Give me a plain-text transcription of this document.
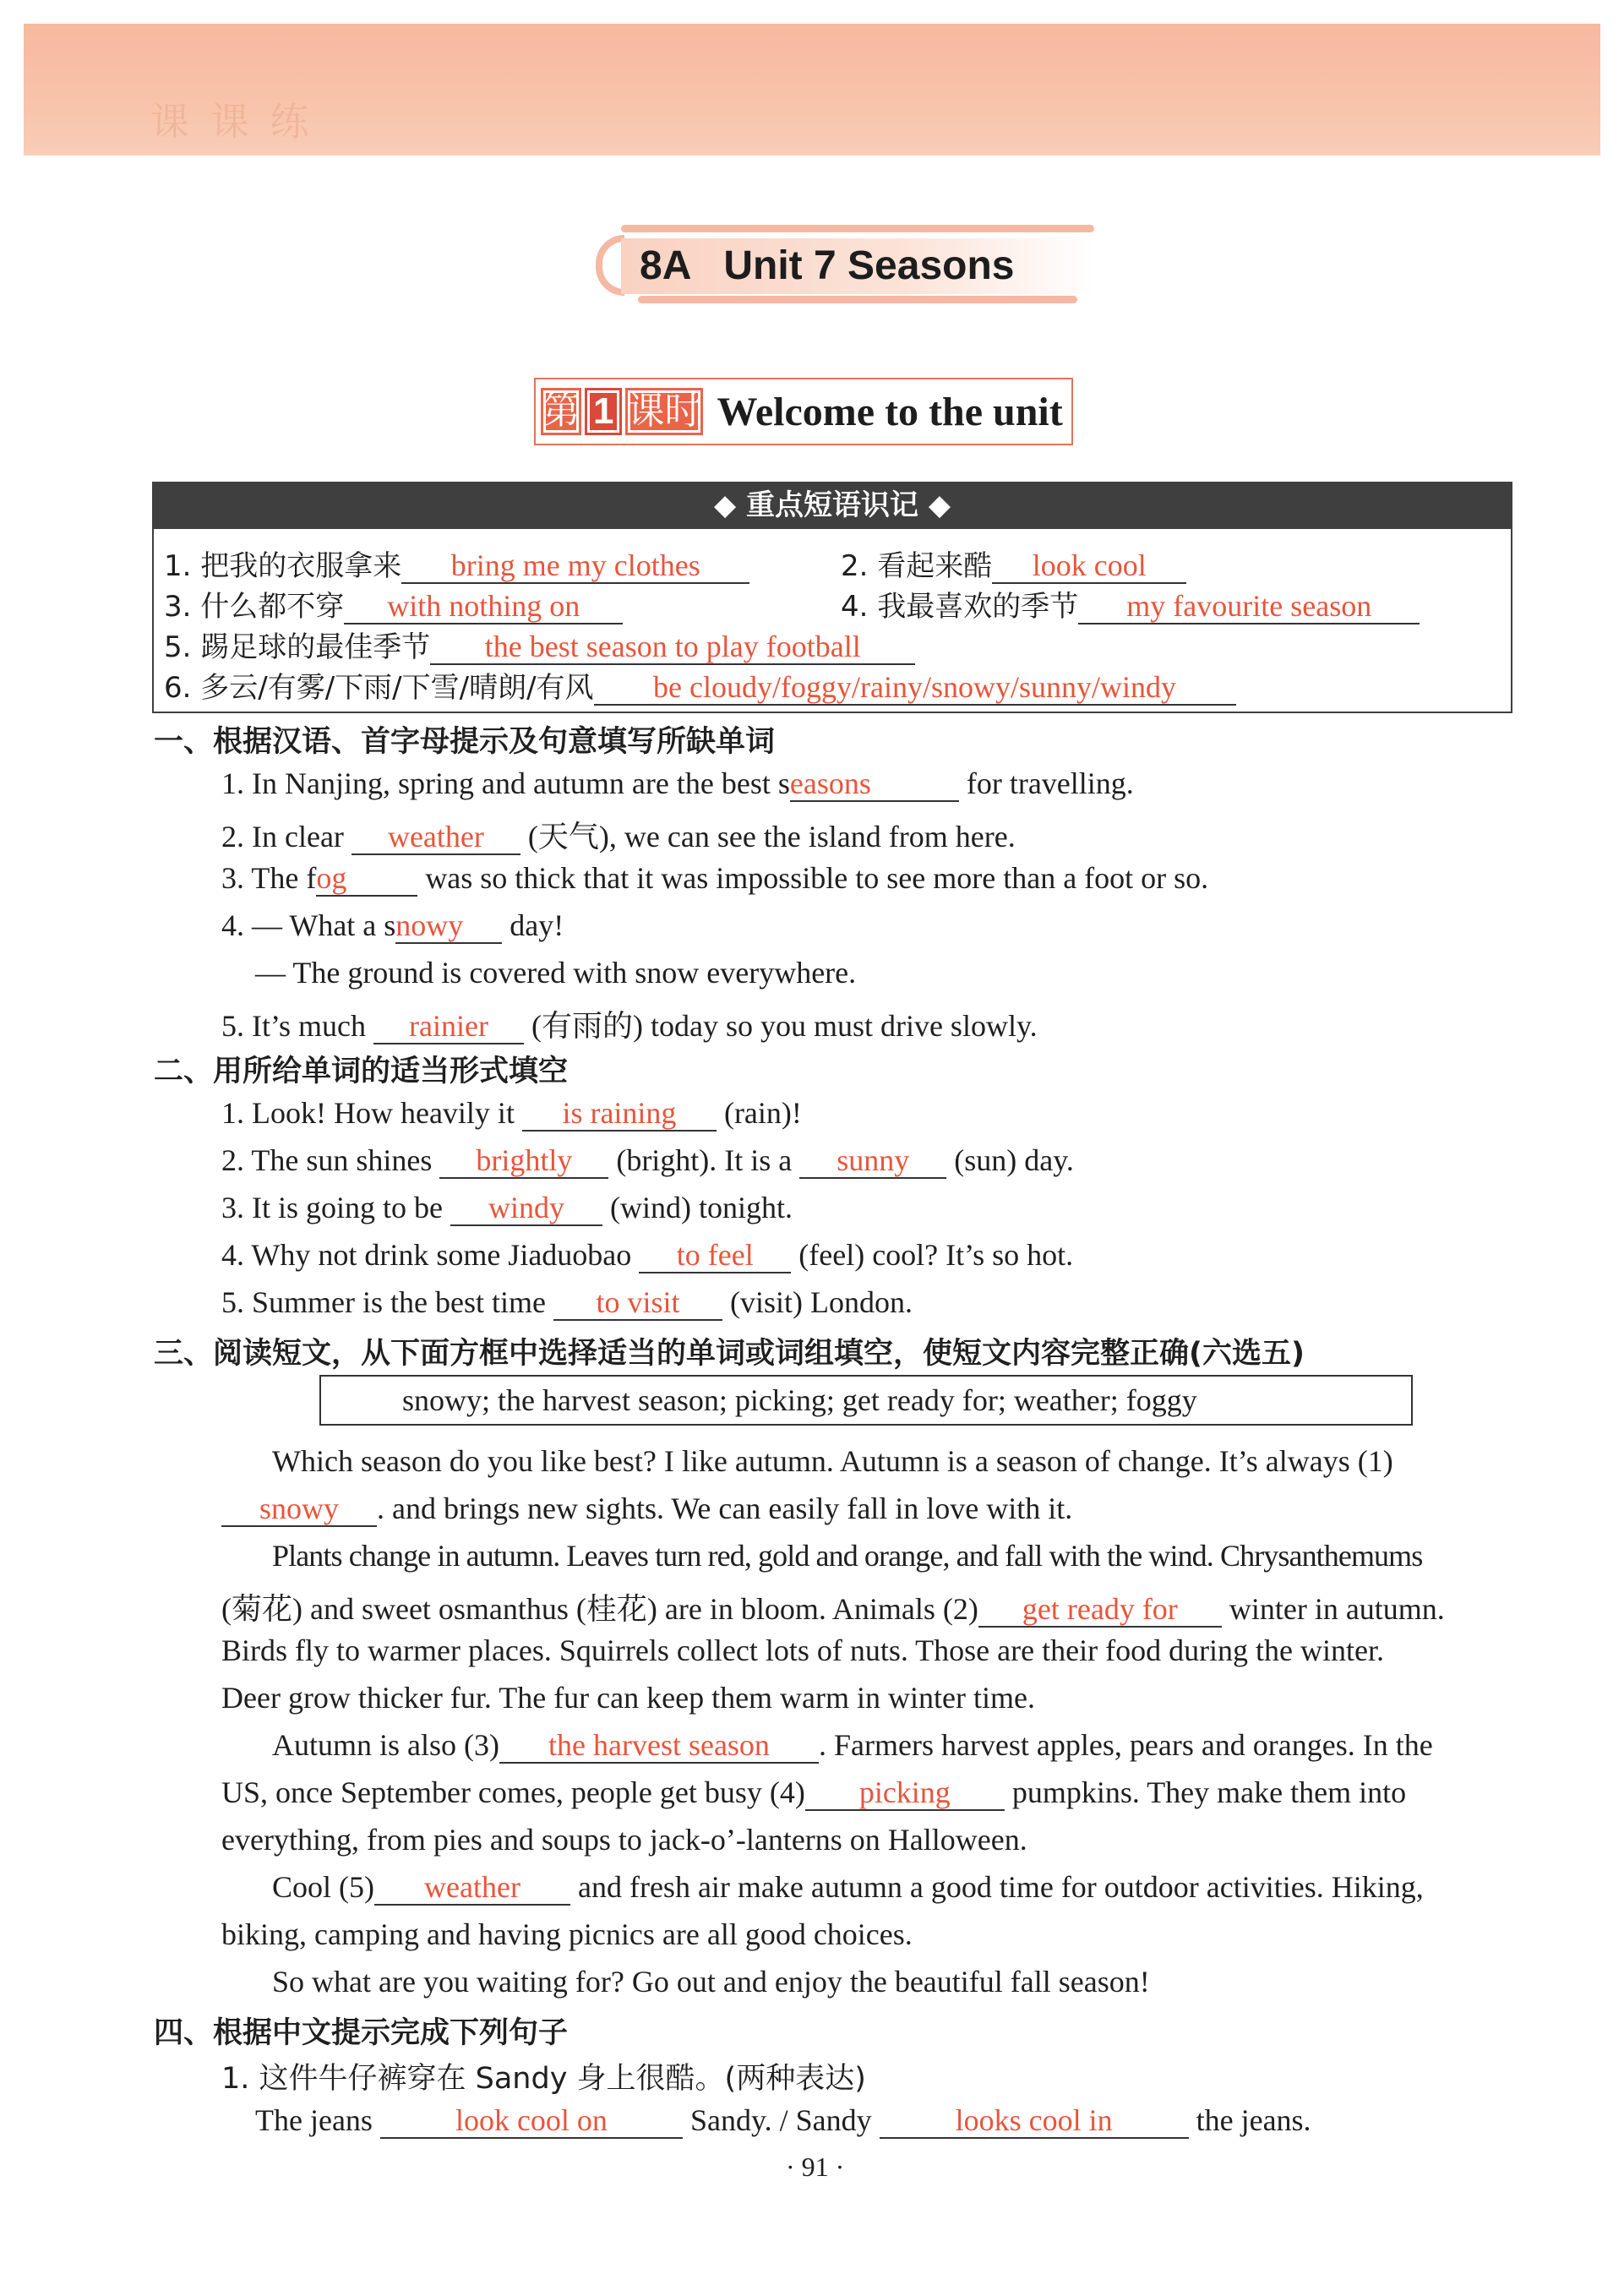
课 课 练
8A Unit 7 Seasons
第 1 课时 Welcome to the unit
◆ 重点短语识记 ◆
1. 把我的衣服拿来 bring me my clothes	2. 看起来酷 look cool
3. 什么都不穿 with nothing on	4. 我最喜欢的季节 my favourite season
5. 踢足球的最佳季节 the best season to play football
6. 多云/有雾/下雨/下雪/晴朗/有风 be cloudy/foggy/rainy/snowy/sunny/windy
一、根据汉语、首字母提示及句意填写所缺单词
1. In Nanjing, spring and autumn are the best seasons	for travelling.
2. In clear weather (天气), we can see the island from here.
3. The fog	was so thick that it was impossible to see more than a foot or so.
4. — What a snowy day!
— The ground is covered with snow everywhere.
5. It’s much rainier (有雨的) today so you must drive slowly.
二、用所给单词的适当形式填空
1. Look! How heavily it is raining (rain)!
2. The sun shines brightly (bright). It is a sunny (sun) day.
3. It is going to be windy (wind) tonight.
4. Why not drink some Jiaduobao to feel (feel) cool? It’s so hot.
5. Summer is the best time to visit (visit) London.
三、阅读短文，从下面方框中选择适当的单词或词组填空，使短文内容完整正确(六选五)
snowy; the harvest season; picking; get ready for; weather; foggy
Which season do you like best? I like autumn. Autumn is a season of change. It’s always (1)
snowy . and brings new sights. We can easily fall in love with it.
Plants change in autumn. Leaves turn red, gold and orange, and fall with the wind. Chrysanthemums
(菊花) and sweet osmanthus (桂花) are in bloom. Animals (2) get ready for winter in autumn.
Birds fly to warmer places. Squirrels collect lots of nuts. Those are their food during the winter.
Deer grow thicker fur. The fur can keep them warm in winter time.
Autumn is also (3) the harvest season . Farmers harvest apples, pears and oranges. In the
US, once September comes, people get busy (4) picking pumpkins. They make them into
everything, from pies and soups to jack-o’-lanterns on Halloween.
Cool (5) weather and fresh air make autumn a good time for outdoor activities. Hiking,
biking, camping and having picnics are all good choices.
So what are you waiting for? Go out and enjoy the beautiful fall season!
四、根据中文提示完成下列句子
1. 这件牛仔裤穿在 Sandy 身上很酷。(两种表达)
The jeans	look cool on	Sandy. / Sandy	looks cool in	the jeans.
· 91 ·
